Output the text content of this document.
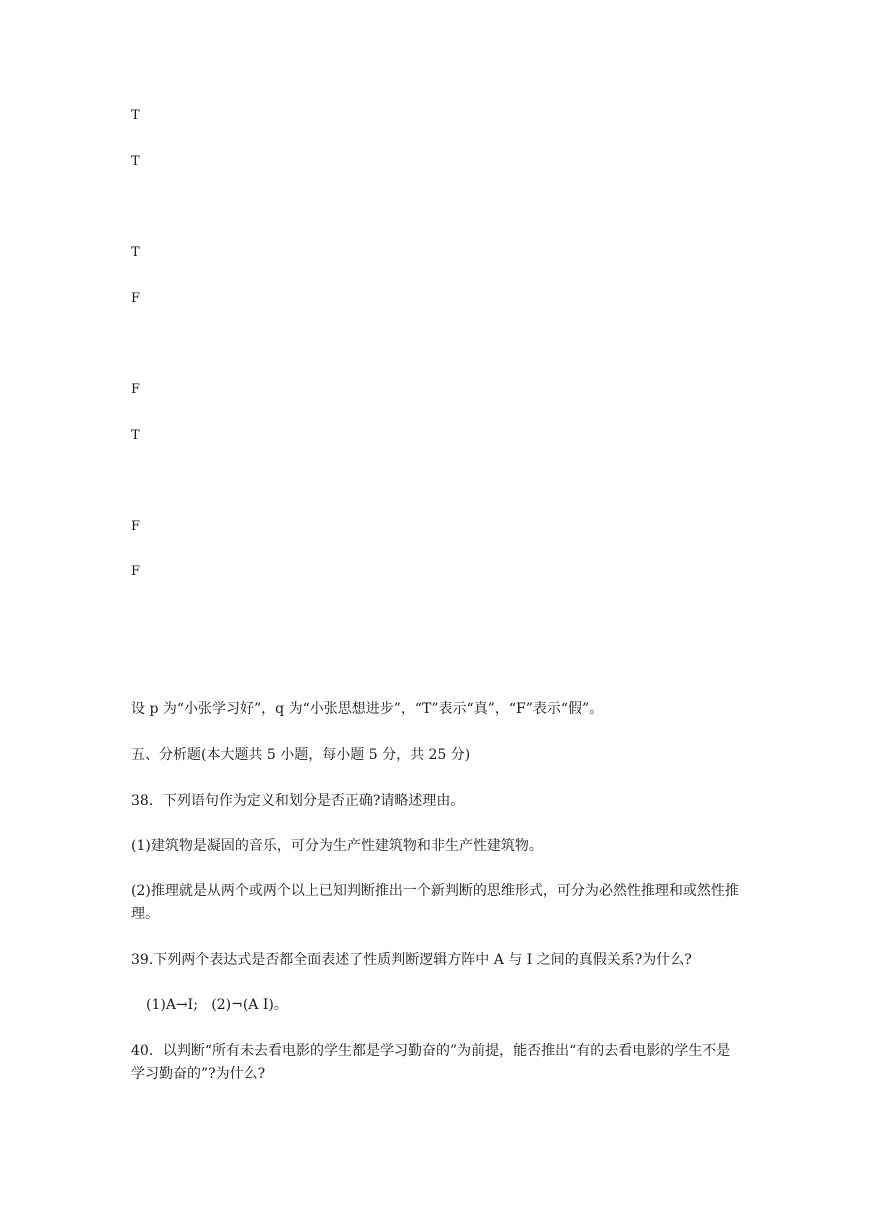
T
T
T
F
F
T
F
F
设 p 为“小张学习好”，q 为“小张思想进步”，“T”表示“真”，“F”表示“假”。
五、分析题(本大题共 5 小题，每小题 5 分，共 25 分)
38．下列语句作为定义和划分是否正确?请略述理由。
(1)建筑物是凝固的音乐，可分为生产性建筑物和非生产性建筑物。
(2)推理就是从两个或两个以上已知判断推出一个新判断的思维形式，可分为必然性推理和或然性推理。
39.下列两个表达式是否都全面表述了性质判断逻辑方阵中 A 与 I 之间的真假关系?为什么?
(1)A→I;   (2)¬(A I)。
40．以判断“所有未去看电影的学生都是学习勤奋的”为前提，能否推出“有的去看电影的学生不是学习勤奋的”?为什么?
